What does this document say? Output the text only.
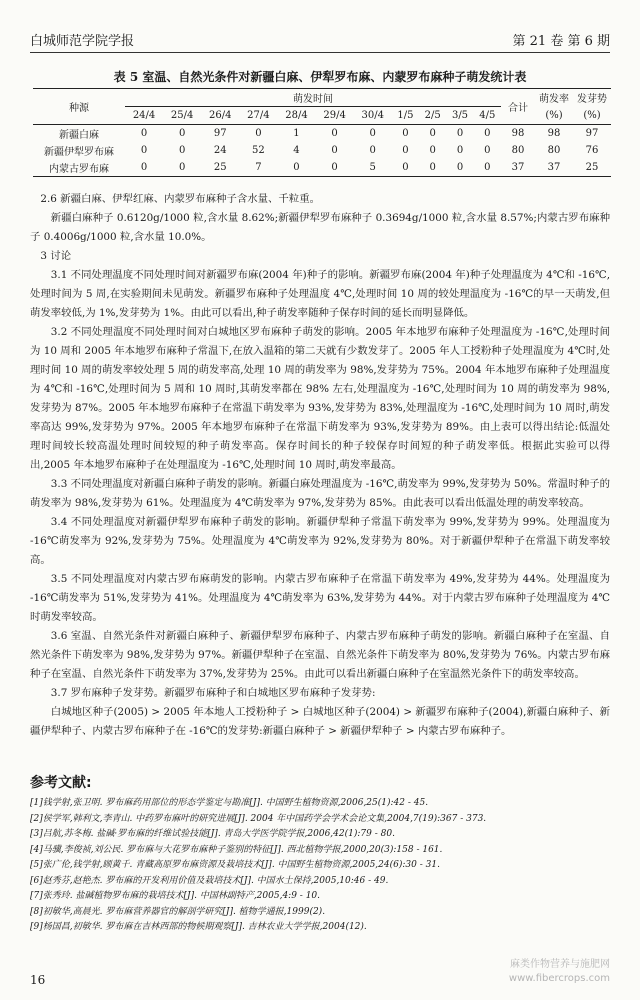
白城师范学院学报	第 21 卷 第 6 期
表 5 室温、自然光条件对新疆白麻、伊犁罗布麻、内蒙罗布麻种子萌发统计表
种源	萌发时间											合计	萌发率	发芽势
	24/4	25/4	26/4	27/4	28/4	29/4	30/4	1/5	2/5	3/5	4/5		(%)	(%)
新疆白麻	0	0	97	0	1	0	0	0	0	0	0	98	98	97
新疆伊犁罗布麻	0	0	24	52	4	0	0	0	0	0	0	80	80	76
内蒙古罗布麻	0	0	25	7	0	0	5	0	0	0	0	37	37	25

2.6 新疆白麻、伊犁红麻、内蒙罗布麻种子含水量、千粒重。

新疆白麻种子 0.6120g/1000 粒,含水量 8.62%;新疆伊犁罗布麻种子 0.3694g/1000 粒,含水量 8.57%;内蒙古罗布麻种子 0.4006g/1000 粒,含水量 10.0%。

3 讨论

3.1 不同处理温度不同处理时间对新疆罗布麻(2004 年)种子的影响。新疆罗布麻(2004 年)种子处理温度为 4℃和 -16℃,处理时间为 5 周,在实验期间未见萌发。新疆罗布麻种子处理温度 4℃,处理时间 10 周的较处理温度为 -16℃的早一天萌发,但萌发率较低,为 1%,发芽势为 1%。由此可以看出,种子萌发率随种子保存时间的延长而明显降低。

3.2 不同处理温度不同处理时间对白城地区罗布麻种子萌发的影响。2005 年本地罗布麻种子处理温度为 -16℃,处理时间为 10 周和 2005 年本地罗布麻种子常温下,在放入温箱的第二天就有少数发芽了。2005 年人工授粉种子处理温度为 4℃时,处理时间 10 周的萌发率较处理 5 周的萌发率高,处理 10 周的萌发率为 98%,发芽势为 75%。2004 年本地罗布麻种子处理温度为 4℃和 -16℃,处理时间为 5 周和 10 周时,其萌发率都在 98% 左右,处理温度为 -16℃,处理时间为 10 周的萌发率为 98%,发芽势为 87%。2005 年本地罗布麻种子在常温下萌发率为 93%,发芽势为 83%,处理温度为 -16℃,处理时间为 10 周时,萌发率高达 99%,发芽势为 97%。2005 年本地罗布麻种子在常温下萌发率为 93%,发芽势为 89%。由上表可以得出结论:低温处理时间较长较高温处理时间较短的种子萌发率高。保存时间长的种子较保存时间短的种子萌发率低。根据此实验可以得出,2005 年本地罗布麻种子在处理温度为 -16℃,处理时间 10 周时,萌发率最高。

3.3 不同处理温度对新疆白麻种子萌发的影响。新疆白麻处理温度为 -16℃,萌发率为 99%,发芽势为 50%。常温时种子的萌发率为 98%,发芽势为 61%。处理温度为 4℃萌发率为 97%,发芽势为 85%。由此表可以看出低温处理的萌发率较高。

3.4 不同处理温度对新疆伊犁罗布麻种子萌发的影响。新疆伊犁种子常温下萌发率为 99%,发芽势为 99%。处理温度为 -16℃萌发率为 92%,发芽势为 75%。处理温度为 4℃萌发率为 92%,发芽势为 80%。对于新疆伊犁种子在常温下萌发率较高。

3.5 不同处理温度对内蒙古罗布麻萌发的影响。内蒙古罗布麻种子在常温下萌发率为 49%,发芽势为 44%。处理温度为 -16℃萌发率为 51%,发芽势为 41%。处理温度为 4℃萌发率为 63%,发芽势为 44%。对于内蒙古罗布麻种子处理温度为 4℃时萌发率较高。

3.6 室温、自然光条件对新疆白麻种子、新疆伊犁罗布麻种子、内蒙古罗布麻种子萌发的影响。新疆白麻种子在室温、自然光条件下萌发率为 98%,发芽势为 97%。新疆伊犁种子在室温、自然光条件下萌发率为 80%,发芽势为 76%。内蒙古罗布麻种子在室温、自然光条件下萌发率为 37%,发芽势为 25%。由此可以看出新疆白麻种子在室温然光条件下的萌发率较高。

3.7 罗布麻种子发芽势。新疆罗布麻种子和白城地区罗布麻种子发芽势:

白城地区种子(2005) > 2005 年本地人工授粉种子 > 白城地区种子(2004) > 新疆罗布麻种子(2004),新疆白麻种子、新疆伊犁种子、内蒙古罗布麻种子在 -16℃的发芽势:新疆白麻种子 > 新疆伊犁种子 > 内蒙古罗布麻种子。

参考文献:
[1]钱学射,张卫明. 罗布麻药用部位的形态学鉴定与勘准[J]. 中国野生植物资源,2006,25(1):42 - 45.
[2]侯学军,韩利文,李青山. 中药罗布麻叶的研究进展[J]. 2004 年中国药学会学术会论文集,2004,7(19):367 - 373.
[3]吕航,苏冬梅. 盐碱·罗布麻的纤维试验技能[J]. 青岛大学医学院学报,2006,42(1):79 - 80.
[4]马骥,李俊祯,刘公民. 罗布麻与大花罗布麻种子鉴别的特征[J]. 西北植物学报,2000,20(3):158 - 161.
[5]张广伦,钱学射,顾黄千. 青藏高原罗布麻资源及栽培技术[J]. 中国野生植物资源,2005,24(6):30 - 31.
[6]赵秀芬,赵艳杰. 罗布麻的开发利用价值及栽培技术[J]. 中国水土保持,2005,10:46 - 49.
[7]张秀玲. 盐碱植物罗布麻的栽培技术[J]. 中国林副特产,2005,4:9 - 10.
[8]初敏华,高晨光. 罗布麻营养器官的解剖学研究[J]. 植物学通报,1999(2).
[9]杨国昌,初敏华. 罗布麻在吉林西部的物候期观察[J]. 吉林农业大学学报,2004(12).
16
麻类作物营养与施肥网
www.fibercrops.com
